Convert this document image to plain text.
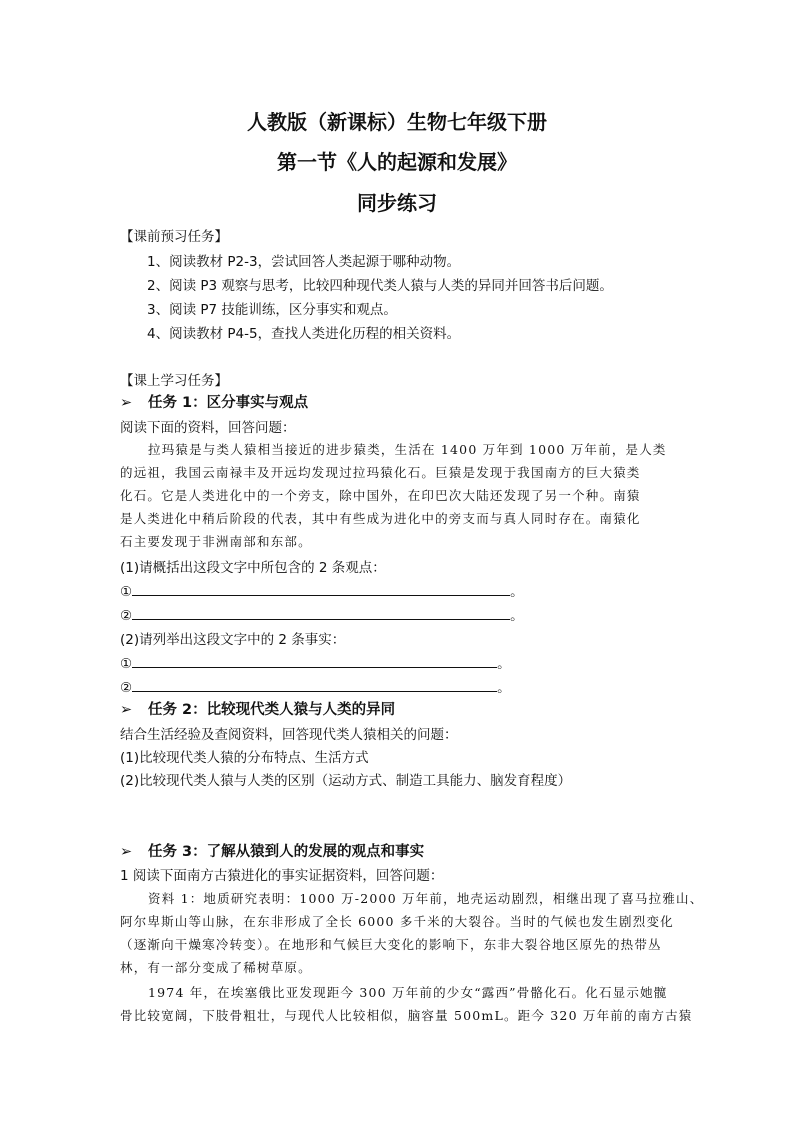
人教版（新课标）生物七年级下册
第一节《人的起源和发展》
同步练习
【课前预习任务】
1、阅读教材 P2-3，尝试回答人类起源于哪种动物。
2、阅读 P3 观察与思考，比较四种现代类人猿与人类的异同并回答书后问题。
3、阅读 P7 技能训练，区分事实和观点。
4、阅读教材 P4-5，查找人类进化历程的相关资料。
【课上学习任务】
➢ 任务 1：区分事实与观点
阅读下面的资料，回答问题：
拉玛猿是与类人猿相当接近的进步猿类，生活在 1400 万年到 1000 万年前，是人类
的远祖，我国云南禄丰及开远均发现过拉玛猿化石。巨猿是发现于我国南方的巨大猿类
化石。它是人类进化中的一个旁支，除中国外，在印巴次大陆还发现了另一个种。南猿
是人类进化中稍后阶段的代表，其中有些成为进化中的旁支而与真人同时存在。南猿化
石主要发现于非洲南部和东部。
(1)请概括出这段文字中所包含的 2 条观点：
①	。
②	。
(2)请列举出这段文字中的 2 条事实：
①	。
②	。
➢ 任务 2：比较现代类人猿与人类的异同
结合生活经验及查阅资料，回答现代类人猿相关的问题：
(1)比较现代类人猿的分布特点、生活方式
(2)比较现代类人猿与人类的区别（运动方式、制造工具能力、脑发育程度）
➢ 任务 3：了解从猿到人的发展的观点和事实
1 阅读下面南方古猿进化的事实证据资料，回答问题：
资料 1：地质研究表明：1000 万-2000 万年前，地壳运动剧烈，相继出现了喜马拉雅山、
阿尔卑斯山等山脉，在东非形成了全长 6000 多千米的大裂谷。当时的气候也发生剧烈变化
（逐渐向干燥寒冷转变）。在地形和气候巨大变化的影响下，东非大裂谷地区原先的热带丛
林，有一部分变成了稀树草原。
1974 年，在埃塞俄比亚发现距今 300 万年前的少女“露西”骨骼化石。化石显示她髋
骨比较宽阔，下肢骨粗壮，与现代人比较相似，脑容量 500mL。距今 320 万年前的南方古猿
